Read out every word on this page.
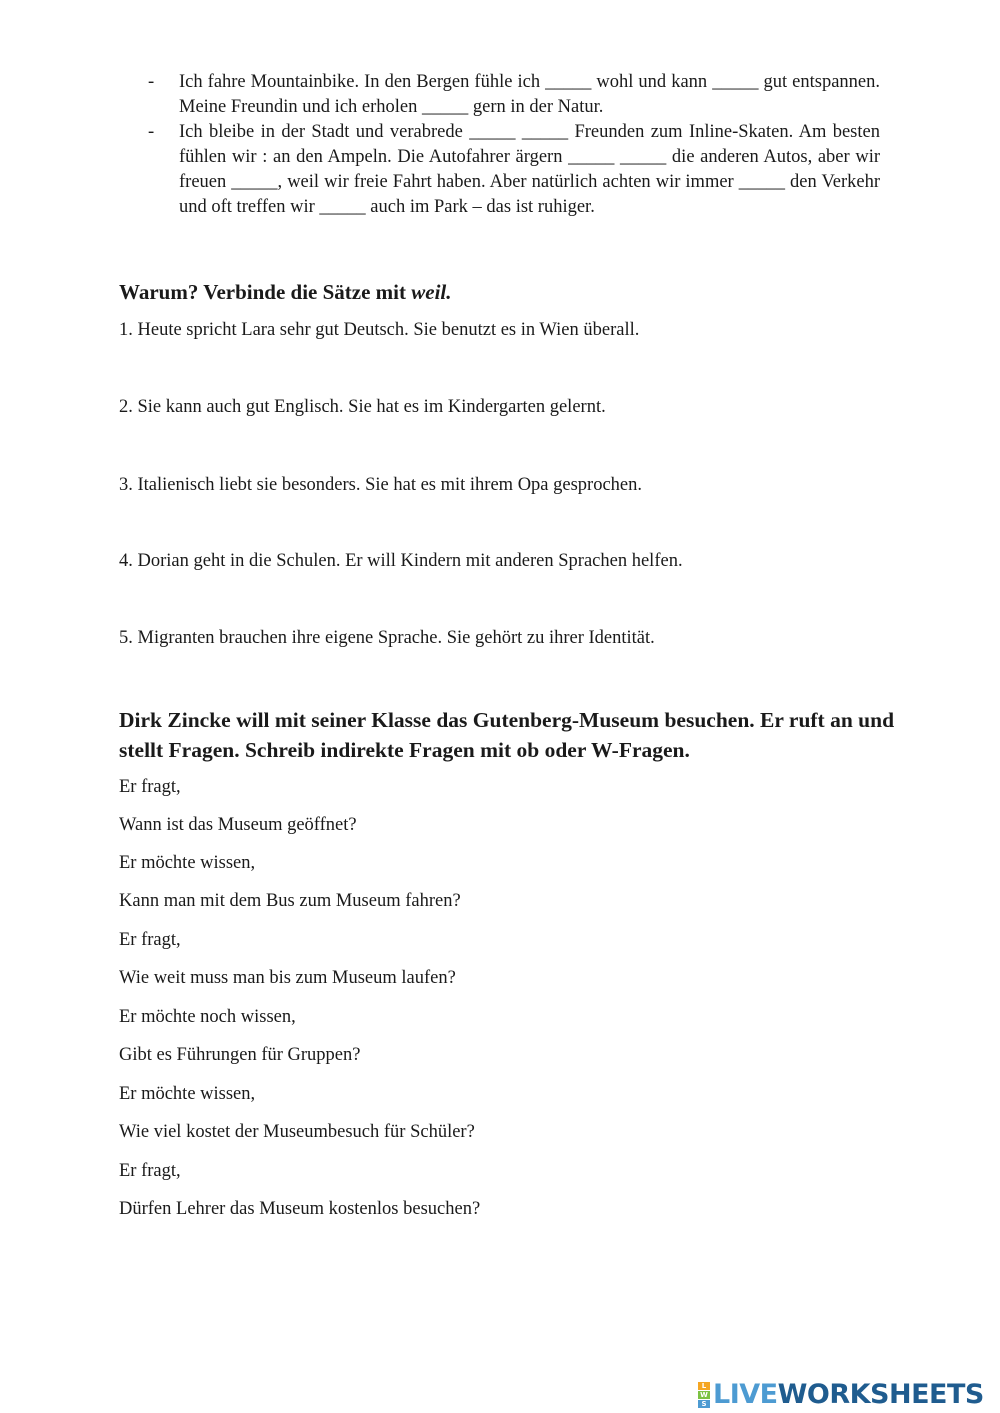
- Ich fahre Mountainbike. In den Bergen fühle ich _____ wohl und kann _____ gut entspannen. Meine Freundin und ich erholen _____ gern in der Natur.
- Ich bleibe in der Stadt und verabrede _____ _____ Freunden zum Inline-Skaten. Am besten fühlen wir : an den Ampeln. Die Autofahrer ärgern _____ _____ die anderen Autos, aber wir freuen _____, weil wir freie Fahrt haben. Aber natürlich achten wir immer _____ den Verkehr und oft treffen wir _____ auch im Park – das ist ruhiger.
Warum? Verbinde die Sätze mit weil.

1. Heute spricht Lara sehr gut Deutsch. Sie benutzt es in Wien überall.

2. Sie kann auch gut Englisch. Sie hat es im Kindergarten gelernt.

3. Italienisch liebt sie besonders. Sie hat es mit ihrem Opa gesprochen.

4. Dorian geht in die Schulen. Er will Kindern mit anderen Sprachen helfen.

5. Migranten brauchen ihre eigene Sprache. Sie gehört zu ihrer Identität.

Dirk Zincke will mit seiner Klasse das Gutenberg-Museum besuchen. Er ruft an und stellt Fragen. Schreib indirekte Fragen mit ob oder W-Fragen.

Er fragt,

Wann ist das Museum geöffnet?

Er möchte wissen,

Kann man mit dem Bus zum Museum fahren?

Er fragt,

Wie weit muss man bis zum Museum laufen?

Er möchte noch wissen,

Gibt es Führungen für Gruppen?

Er möchte wissen,

Wie viel kostet der Museumbesuch für Schüler?

Er fragt,

Dürfen Lehrer das Museum kostenlos besuchen?

L
W
S LIVEWORKSHEETS
